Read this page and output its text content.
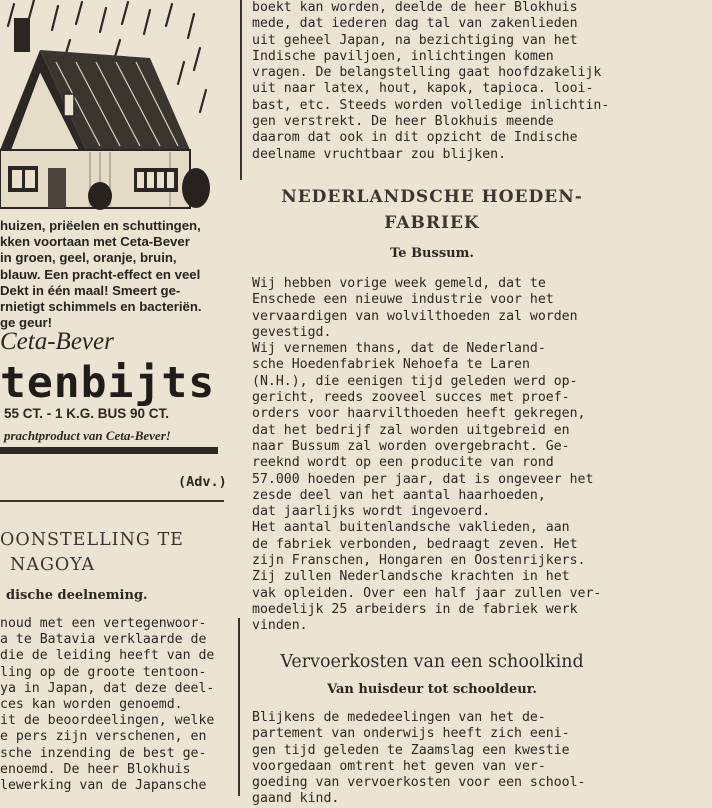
huizen, priëelen en schuttingen,
kken voortaan met Ceta-Bever
in groen, geel, oranje, bruin,
blauw. Een pracht-effect en veel
Dekt in één maal! Smeert ge-
rnietigt schimmels en bacteriën.
ge geur!
Ceta-Bever
tenbijts
55 CT. - 1 K.G. BUS 90 CT.
prachtproduct van Ceta-Bever!
(Adv.)
OONSTELLING TE
NAGOYA
dische deelneming.
noud met een vertegenwoor-
a te Batavia verklaarde de
die de leiding heeft van de
ling op de groote tentoon-
ya in Japan, dat deze deel-
ces kan worden genoemd.
it de beoordeelingen, welke
e pers zijn verschenen, en
sche inzending de best ge-
enoemd. De heer Blokhuis
lewerking van de Japansche
boekt kan worden, deelde de heer Blokhuis
mede, dat iederen dag tal van zakenlieden
uit geheel Japan, na bezichtiging van het
Indische paviljoen, inlichtingen komen
vragen. De belangstelling gaat hoofdzakelijk
uit naar latex, hout, kapok, tapioca. looi-
bast, etc. Steeds worden volledige inlichtin-
gen verstrekt. De heer Blokhuis meende
daarom dat ook in dit opzicht de Indische
deelname vruchtbaar zou blijken.
NEDERLANDSCHE HOEDEN-
FABRIEK
Te Bussum.
Wij hebben vorige week gemeld, dat te
Enschede een nieuwe industrie voor het
vervaardigen van wolvilthoeden zal worden
gevestigd.
Wij vernemen thans, dat de Nederland-
sche Hoedenfabriek Nehoefa te Laren
(N.H.), die eenigen tijd geleden werd op-
gericht, reeds zooveel succes met proef-
orders voor haarvilthoeden heeft gekregen,
dat het bedrijf zal worden uitgebreid en
naar Bussum zal worden overgebracht. Ge-
reeknd wordt op een producite van rond
57.000 hoeden per jaar, dat is ongeveer het
zesde deel van het aantal haarhoeden,
dat jaarlijks wordt ingevoerd.
Het aantal buitenlandsche vaklieden, aan
de fabriek verbonden, bedraagt zeven. Het
zijn Franschen, Hongaren en Oostenrijkers.
Zij zullen Nederlandsche krachten in het
vak opleiden. Over een half jaar zullen ver-
moedelijk 25 arbeiders in de fabriek werk
vinden.
Vervoerkosten van een schoolkind
Van huisdeur tot schooldeur.
Blijkens de mededeelingen van het de-
partement van onderwijs heeft zich eeni-
gen tijd geleden te Zaamslag een kwestie
voorgedaan omtrent het geven van ver-
goeding van vervoerkosten voor een school-
gaand kind.
